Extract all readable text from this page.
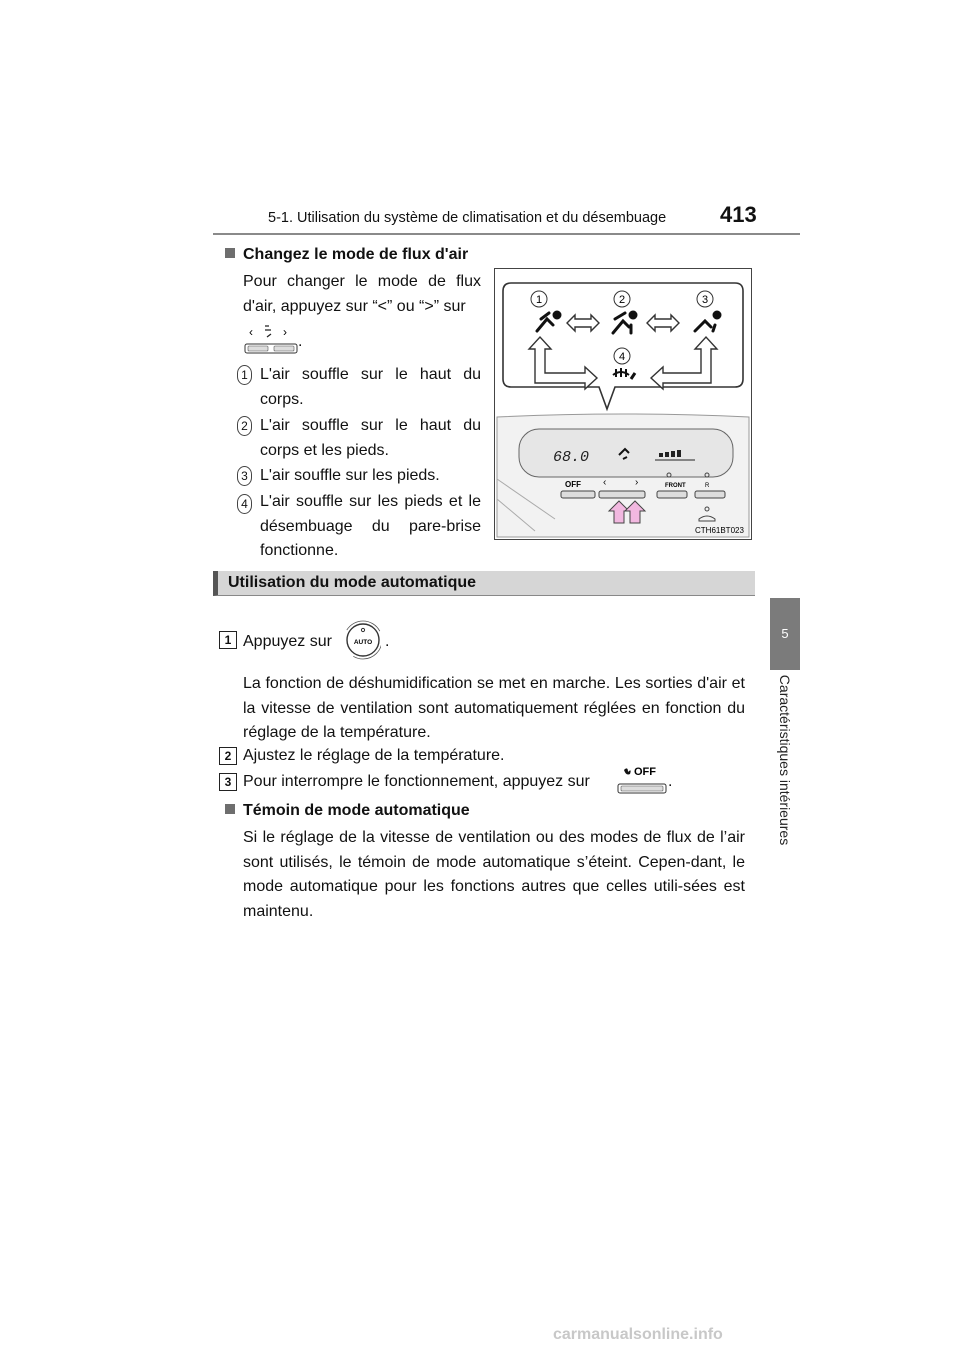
5-1. Utilisation du système de climatisation et du désembuage 413
5
Caractéristiques intérieures
Changez le mode de flux d'air
Pour changer le mode de flux d'air, appuyez sur “<” ou “>” sur
‹	›
.
1 L'air souffle sur le haut du corps.
2 L'air souffle sur le haut du corps et les pieds.
3 L'air souffle sur les pieds.
4 L'air souffle sur les pieds et le désembuage du pare-brise fonctionne.
1	2	3
4
68.0
OFF ‹	›	FRONT	R
CTH61BT023
Utilisation du mode automatique
1 Appuyez sur	AUTO .
La fonction de déshumidification se met en marche. Les sorties d'air et la vitesse de ventilation sont automatiquement réglées en fonction du réglage de la température.
2 Ajustez le réglage de la température.
3 Pour interrompre le fonctionnement, appuyez sur
OFF
.
Témoin de mode automatique
Si le réglage de la vitesse de ventilation ou des modes de flux de l’air sont utilisés, le témoin de mode automatique s’éteint. Cepen-dant, le mode automatique pour les fonctions autres que celles utili-sées est maintenu.
carmanualsonline.info
